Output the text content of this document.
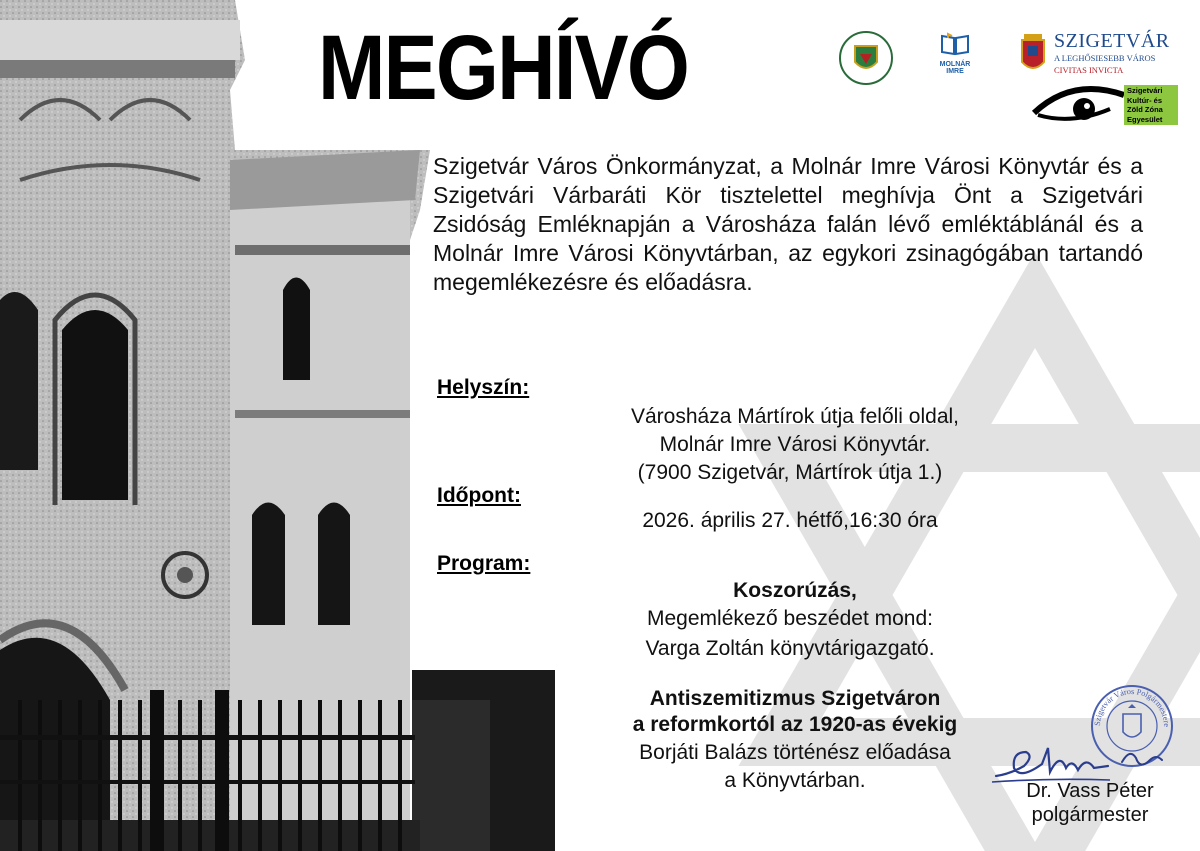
MEGHÍVÓ	MOLNÁR IMRE
SZIGETVÁR
A LEGHŐSIESEBB VÁROS
CIVITAS INVICTA
Szigetvári
Kultúr- és
Zöld Zóna
Egyesület

Szigetvár Város Önkormányzat, a Molnár Imre Városi Könyvtár és a Szigetvári Várbaráti Kör tisztelettel meghívja Önt a Szigetvári Zsidóság Emléknapján a Városháza falán lévő emléktáblánál és a Molnár Imre Városi Könyvtárban, az egykori zsinagógában tartandó megemlékezésre és előadásra.

Helyszín:
Városháza Mártírok útja felőli oldal,
Molnár Imre Városi Könyvtár.
(7900 Szigetvár, Mártírok útja 1.)
Időpont:
2026. április 27. hétfő,16:30 óra
Program:
Koszorúzás,
Megemlékező beszédet mond:
Varga Zoltán könyvtárigazgató.
Antiszemitizmus Szigetváron
a reformkortól az 1920-as évekig
Borjáti Balázs történész előadása
a Könyvtárban.
Szigetvár Város Polgármestere
Dr. Vass Péter
polgármester
